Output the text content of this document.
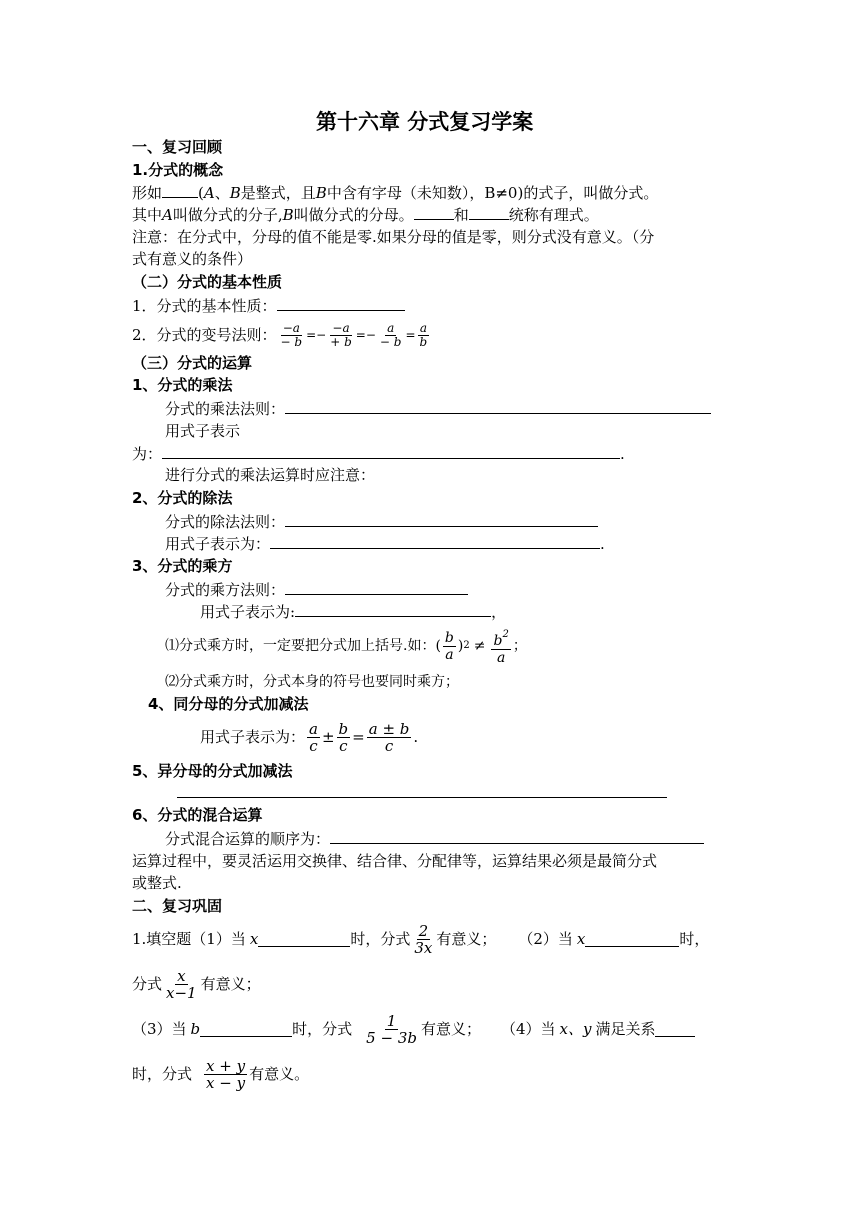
第十六章 分式复习学案
一、复习回顾
1.分式的概念
形如 (A、B是整式，且B中含有字母（未知数），B≠0)的式子，叫做分式。
其中A叫做分式的分子,B叫做分式的分母。	和	统称有理式。
注意：在分式中，分母的值不能是零.如果分母的值是零，则分式没有意义。（分
式有意义的条件）
（二）分式的基本性质
1．分式的基本性质：
2．分式的变号法则： $\frac{-a}{- b}$ = − $\frac{-a}{+ b}$ = − $\frac{a}{- b} = \frac{a}{b}$
（三）分式的运算
1、分式的乘法
分式的乘法法则：
用式子表示
为：	.
进行分式的乘法运算时应注意：
2、分式的除法
分式的除法法则：
用式子表示为：	.
3、分式的乘方
分式的乘方法则：
用式子表示为:	，
⑴分式乘方时，一定要把分式加上括号.如： (
b
a
) $2 \ne b^2$
a
；
⑵分式乘方时，分式本身的符号也要同时乘方；
4、同分母的分式加减法
用式子表示为： a
$c \pm \frac{b}{c} = \frac{a \pm b}{c}$ .
5、异分母的分式加减法
6、分式的混合运算
分式混合运算的顺序为：
运算过程中，要灵活运用交换律、结合律、分配律等，运算结果必须是最简分式
或整式.
二、复习巩固
1.填空题（1）当 x	时，分式 2
3x 有意义； （2）当 x	时，
分式 x
x−1 有意义；
（3）当 b	时，分式 1
5 − 3b 有意义； （4）当 x、y 满足关系
时，分式 x + y
x − y 有意义。
